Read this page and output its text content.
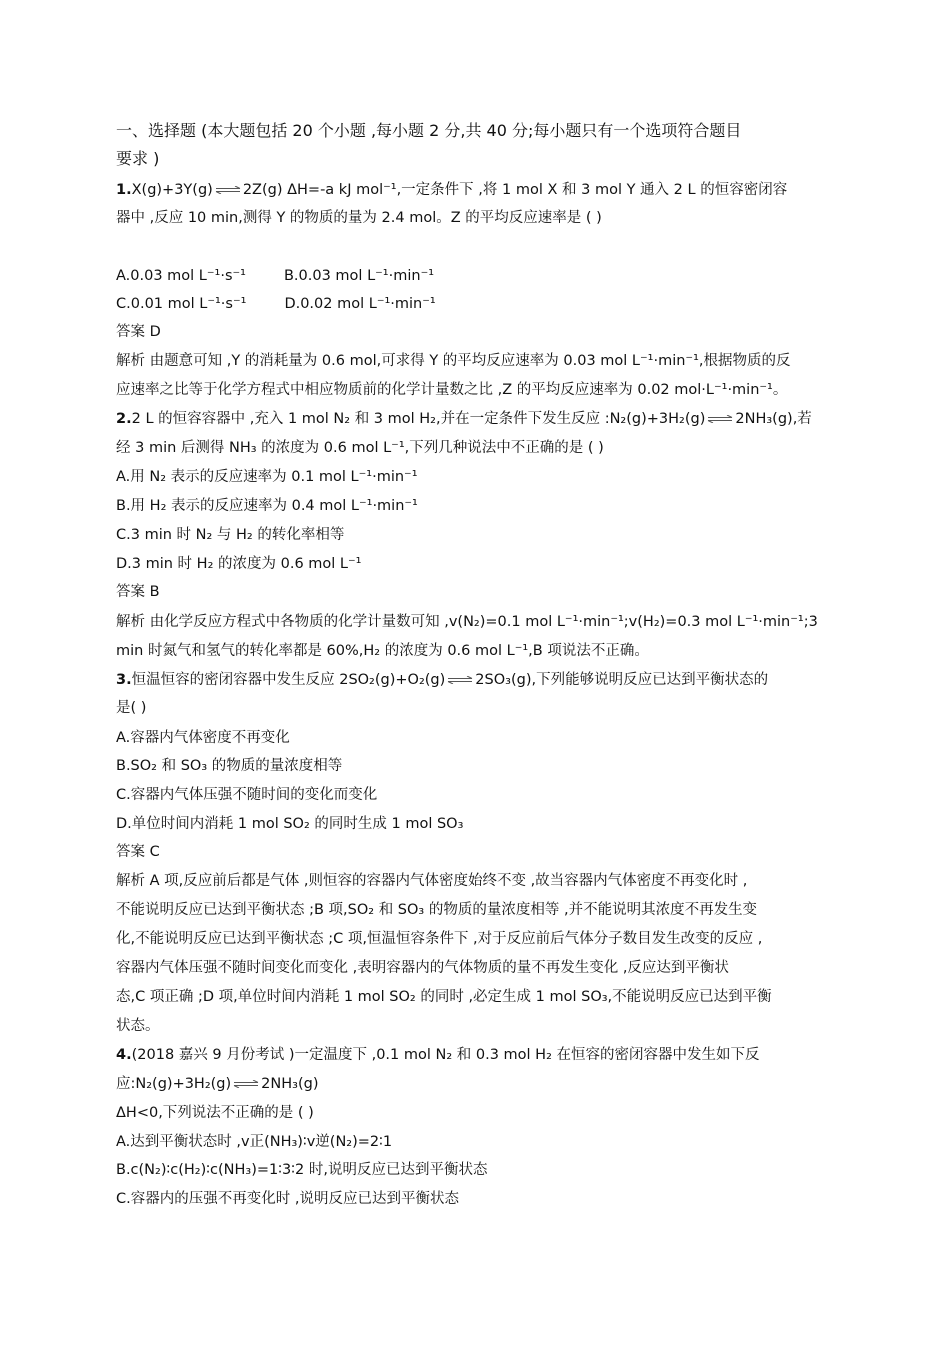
一、选择题 (本大题包括 20 个小题 ,每小题 2 分,共 40 分;每小题只有一个选项符合题目
要求 )
1.X(g)+3Y(g) ⇌ 2Z(g) ΔH=-a kJ mol⁻¹,一定条件下 ,将 1 mol X 和 3 mol Y 通入 2 L 的恒容密闭容
器中 ,反应 10 min,测得 Y 的物质的量为 2.4 mol。Z 的平均反应速率是 ( )
A.0.03 mol L⁻¹·s⁻¹	B.0.03 mol L⁻¹·min⁻¹
C.0.01 mol L⁻¹·s⁻¹	D.0.02 mol L⁻¹·min⁻¹
答案 D
解析 由题意可知 ,Y 的消耗量为 0.6 mol,可求得 Y 的平均反应速率为 0.03 mol L⁻¹·min⁻¹,根据物质的反
应速率之比等于化学方程式中相应物质前的化学计量数之比 ,Z 的平均反应速率为 0.02 mol·L⁻¹·min⁻¹。
2.2 L 的恒容容器中 ,充入 1 mol N₂ 和 3 mol H₂,并在一定条件下发生反应 :N₂(g)+3H₂(g) ⇌ 2NH₃(g),若
经 3 min 后测得 NH₃ 的浓度为 0.6 mol L⁻¹,下列几种说法中不正确的是 ( )
A.用 N₂ 表示的反应速率为 0.1 mol L⁻¹·min⁻¹
B.用 H₂ 表示的反应速率为 0.4 mol L⁻¹·min⁻¹
C.3 min 时 N₂ 与 H₂ 的转化率相等
D.3 min 时 H₂ 的浓度为 0.6 mol L⁻¹
答案 B
解析 由化学反应方程式中各物质的化学计量数可知 ,v(N₂)=0.1 mol L⁻¹·min⁻¹;v(H₂)=0.3 mol L⁻¹·min⁻¹;3
min 时氮气和氢气的转化率都是 60%,H₂ 的浓度为 0.6 mol L⁻¹,B 项说法不正确。
3.恒温恒容的密闭容器中发生反应 2SO₂(g)+O₂(g) ⇌ 2SO₃(g),下列能够说明反应已达到平衡状态的
是( )
A.容器内气体密度不再变化
B.SO₂ 和 SO₃ 的物质的量浓度相等
C.容器内气体压强不随时间的变化而变化
D.单位时间内消耗 1 mol SO₂ 的同时生成 1 mol SO₃
答案 C
解析 A 项,反应前后都是气体 ,则恒容的容器内气体密度始终不变 ,故当容器内气体密度不再变化时 ,
不能说明反应已达到平衡状态 ;B 项,SO₂ 和 SO₃ 的物质的量浓度相等 ,并不能说明其浓度不再发生变
化,不能说明反应已达到平衡状态 ;C 项,恒温恒容条件下 ,对于反应前后气体分子数目发生改变的反应 ,
容器内气体压强不随时间变化而变化 ,表明容器内的气体物质的量不再发生变化 ,反应达到平衡状
态,C 项正确 ;D 项,单位时间内消耗 1 mol SO₂ 的同时 ,必定生成 1 mol SO₃,不能说明反应已达到平衡
状态。
4.(2018 嘉兴 9 月份考试 )一定温度下 ,0.1 mol N₂ 和 0.3 mol H₂ 在恒容的密闭容器中发生如下反
应:N₂(g)+3H₂(g) ⇌ 2NH₃(g)
ΔH<0,下列说法不正确的是 ( )
A.达到平衡状态时 ,v正(NH₃)∶v逆(N₂)=2∶1
B.c(N₂)∶c(H₂)∶c(NH₃)=1∶3∶2 时,说明反应已达到平衡状态
C.容器内的压强不再变化时 ,说明反应已达到平衡状态
